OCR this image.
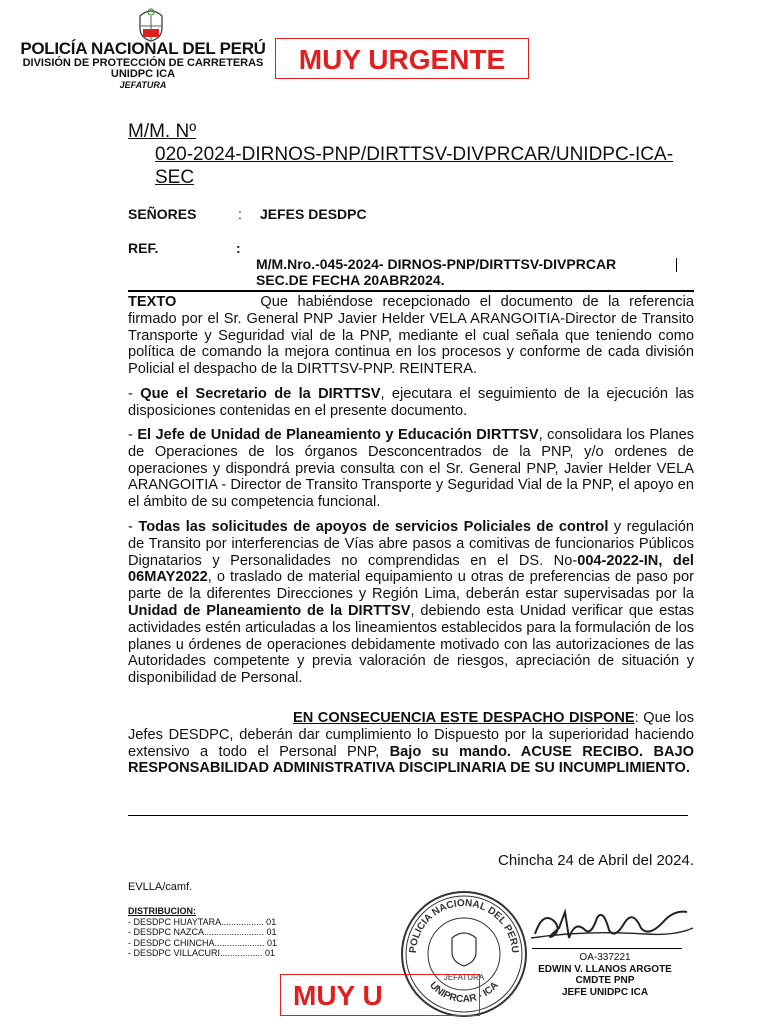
POLICÍA NACIONAL DEL PERÚ
DIVISIÓN DE PROTECCIÓN DE CARRETERAS
UNIDPC ICA
JEFATURA
MUY URGENTE
M/M. Nº
020-2024-DIRNOS-PNP/DIRTTSV-DIVPRCAR/UNIDPC-ICA-SEC
SEÑORES	: JEFES DESDPC
REF.	:
M/M.Nro.-045-2024- DIRNOS-PNP/DIRTTSV-DIVPRCAR
SEC.DE FECHA 20ABR2024.
TEXTO	Que habiéndose recepcionado el documento de la referencia firmado por el Sr. General PNP Javier Helder VELA ARANGOITIA-Director de Transito Transporte y Seguridad vial de la PNP, mediante el cual señala que teniendo como política de comando la mejora continua en los procesos y conforme de cada división Policial el despacho de la DIRTTSV-PNP. REINTERA.
- Que el Secretario de la DIRTTSV, ejecutara el seguimiento de la ejecución las disposiciones contenidas en el presente documento.
- El Jefe de Unidad de Planeamiento y Educación DIRTTSV, consolidara los Planes de Operaciones de los órganos Desconcentrados de la PNP, y/o ordenes de operaciones y dispondrá previa consulta con el Sr. General PNP, Javier Helder VELA ARANGOITIA - Director de Transito Transporte y Seguridad Vial de la PNP, el apoyo en el ámbito de su competencia funcional.
- Todas las solicitudes de apoyos de servicios Policiales de control y regulación de Transito por interferencias de Vías abre pasos a comitivas de funcionarios Públicos Dignatarios y Personalidades no comprendidas en el DS. No-004-2022-IN, del 06MAY2022, o traslado de material equipamiento u otras de preferencias de paso por parte de la diferentes Direcciones y Región Lima, deberán estar supervisadas por la Unidad de Planeamiento de la DIRTTSV, debiendo esta Unidad verificar que estas actividades estén articuladas a los lineamientos establecidos para la formulación de los planes u órdenes de operaciones debidamente motivado con las autorizaciones de las Autoridades competente y previa valoración de riesgos, apreciación de situación y disponibilidad de Personal.
EN CONSECUENCIA ESTE DESPACHO DISPONE: Que los Jefes DESDPC, deberán dar cumplimiento lo Dispuesto por la superioridad haciendo extensivo a todo el Personal PNP, Bajo su mando. ACUSE RECIBO. BAJO RESPONSABILIDAD ADMINISTRATIVA DISCIPLINARIA DE SU INCUMPLIMIENTO.
Chincha 24 de Abril del 2024.
EVLLA/camf.
DISTRIBUCION:
- DESDPC HUAYTARA................. 01
- DESDPC NAZCA........................ 01
- DESDPC CHINCHA.................... 01
- DESDPC VILLACURI................. 01	POLICIA NACIONAL DEL PERU
UNIPRCAR - ICA
JEFATURA
OA-337221
EDWIN V. LLANOS ARGOTE
CMDTE PNP
JEFE UNIDPC ICA
MUY U
